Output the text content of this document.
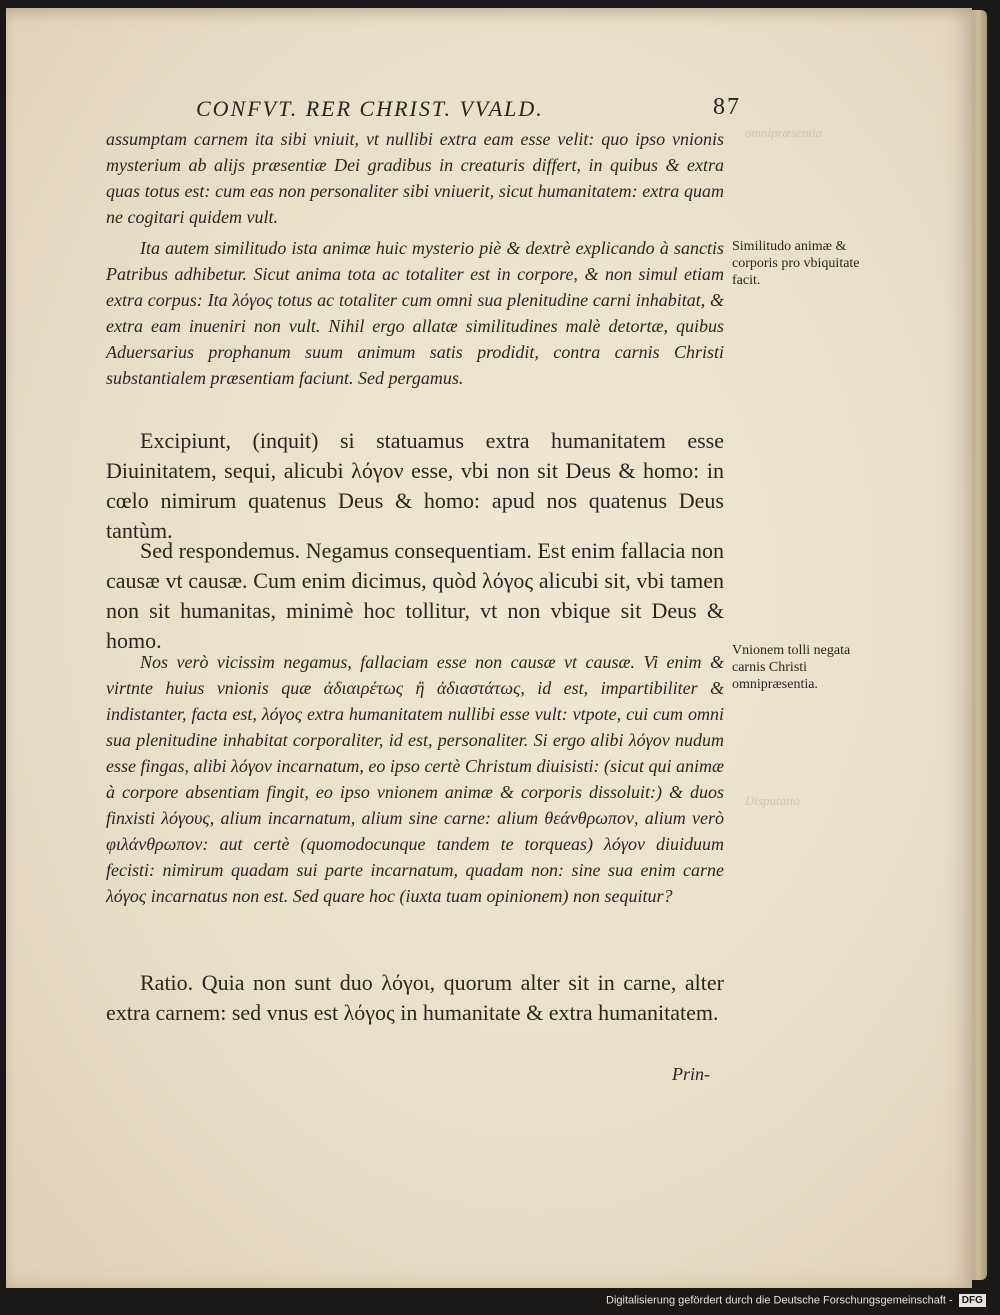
CONFVT. RER CHRIST. VVALD.	87

assumptam carnem ita sibi vniuit, vt nullibi extra eam esse velit: quo ipso vnionis mysterium ab alijs præsentiæ Dei gradibus in creaturis differt, in quibus & extra quas totus est: cum eas non personaliter sibi vniuerit, sicut humanitatem: extra quam ne cogitari quidem vult.

Ita autem similitudo ista animæ huic mysterio piè & dextrè explicando à sanctis Patribus adhibetur. Sicut anima tota ac totaliter est in corpore, & non simul etiam extra corpus: Ita λόγος totus ac totaliter cum omni sua plenitudine carni inhabitat, & extra eam inueniri non vult. Nihil ergo allatæ similitudines malè detortæ, quibus Aduersarius prophanum suum animum satis prodidit, contra carnis Christi substantialem præsentiam faciunt. Sed pergamus.

Excipiunt, (inquit) si statuamus extra humanitatem esse Diuinitatem, sequi, alicubi λόγον esse, vbi non sit Deus & homo: in cœlo nimirum quatenus Deus & homo: apud nos quatenus Deus tantùm.

Sed respondemus. Negamus consequentiam. Est enim fallacia non causæ vt causæ. Cum enim dicimus, quòd λόγος alicubi sit, vbi tamen non sit humanitas, minimè hoc tollitur, vt non vbique sit Deus & homo.

Nos verò vicissim negamus, fallaciam esse non causæ vt causæ. Vi enim & virtnte huius vnionis quæ ἀδιαιρέτως ἢ ἀδιαστάτως, id est, impartibiliter & indistanter, facta est, λόγος extra humanitatem nullibi esse vult: vtpote, cui cum omni sua plenitudine inhabitat corporaliter, id est, personaliter. Si ergo alibi λόγον nudum esse fingas, alibi λόγον incarnatum, eo ipso certè Christum diuisisti: (sicut qui animæ à corpore absentiam fingit, eo ipso vnionem animæ & corporis dissoluit:) & duos finxisti λόγους, alium incarnatum, alium sine carne: alium θεάνθρωπον, alium verò φιλάνθρωπον: aut certè (quomodocunque tandem te torqueas) λόγον diuiduum fecisti: nimirum quadam sui parte incarnatum, quadam non: sine sua enim carne λόγος incarnatus non est. Sed quare hoc (iuxta tuam opinionem) non sequitur?

Ratio. Quia non sunt duo λόγοι, quorum alter sit in carne, alter extra carnem: sed vnus est λόγος in humanitate & extra humanitatem.

Prin-
Similitudo animæ & corporis pro vbiquitate facit.
Vnionem tolli negata carnis Christi omnipræsentia.
omnipræsentia
Disputatio
Digitalisierung gefördert durch die Deutsche Forschungsgemeinschaft - DFG
